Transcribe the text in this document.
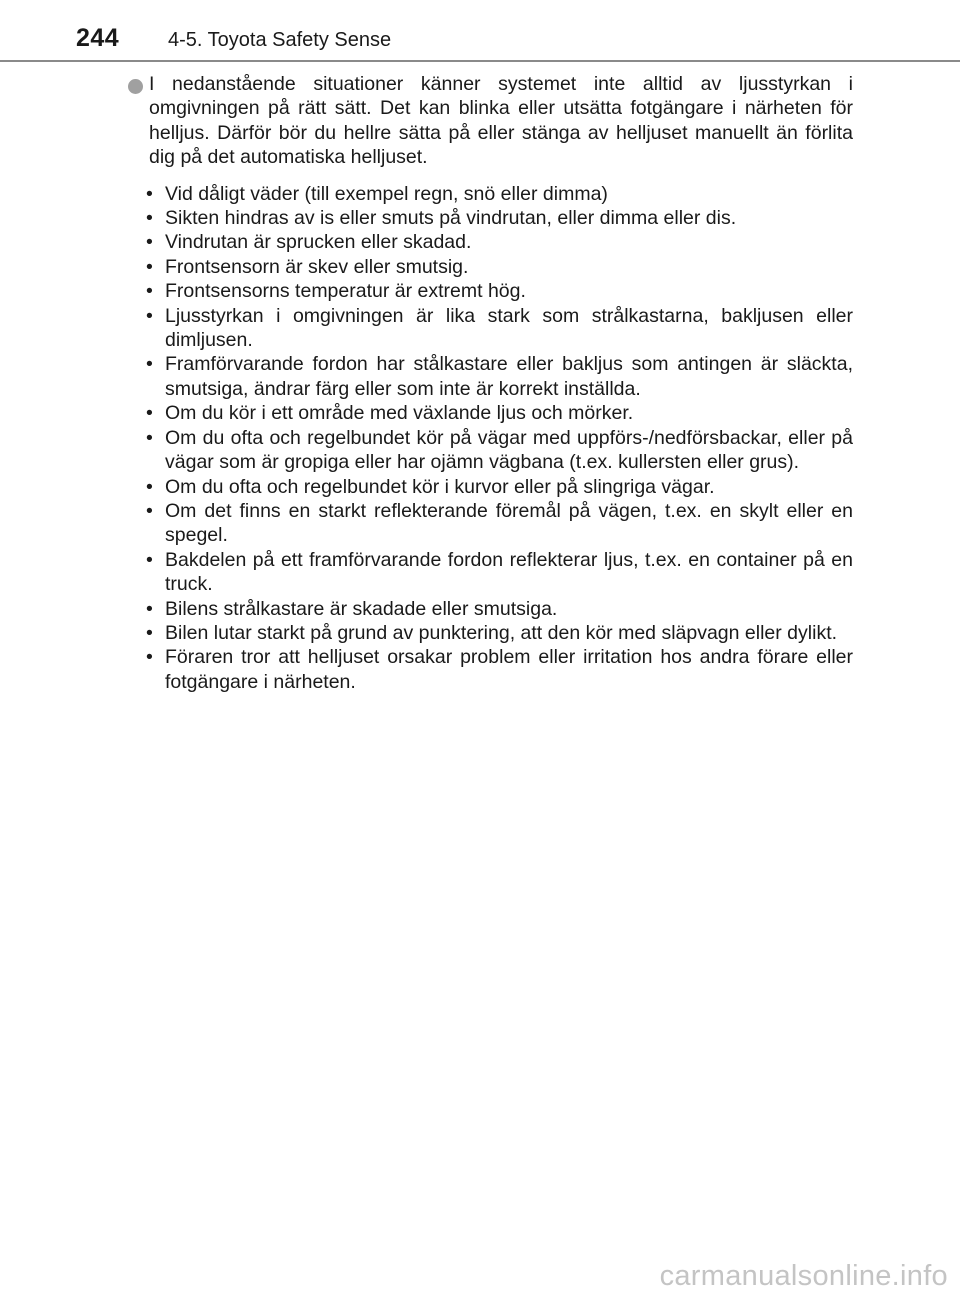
244 4-5. Toyota Safety Sense

I nedanstående situationer känner systemet inte alltid av ljusstyrkan i omgivningen på rätt sätt. Det kan blinka eller utsätta fotgängare i närheten för helljus. Därför bör du hellre sätta på eller stänga av helljuset manuellt än förlita dig på det automatiska helljuset.

• Vid dåligt väder (till exempel regn, snö eller dimma)
• Sikten hindras av is eller smuts på vindrutan, eller dimma eller dis.
• Vindrutan är sprucken eller skadad.
• Frontsensorn är skev eller smutsig.
• Frontsensorns temperatur är extremt hög.
• Ljusstyrkan i omgivningen är lika stark som strålkastarna, bakljusen eller dimljusen.
• Framförvarande fordon har stålkastare eller bakljus som antingen är släckta, smutsiga, ändrar färg eller som inte är korrekt inställda.
• Om du kör i ett område med växlande ljus och mörker.
• Om du ofta och regelbundet kör på vägar med uppförs-/nedförsbackar, eller på vägar som är gropiga eller har ojämn vägbana (t.ex. kullersten eller grus).
• Om du ofta och regelbundet kör i kurvor eller på slingriga vägar.
• Om det finns en starkt reflekterande föremål på vägen, t.ex. en skylt eller en spegel.
• Bakdelen på ett framförvarande fordon reflekterar ljus, t.ex. en container på en truck.
• Bilens strålkastare är skadade eller smutsiga.
• Bilen lutar starkt på grund av punktering, att den kör med släpvagn eller dylikt.
• Föraren tror att helljuset orsakar problem eller irritation hos andra förare eller fotgängare i närheten.
carmanualsonline.info
